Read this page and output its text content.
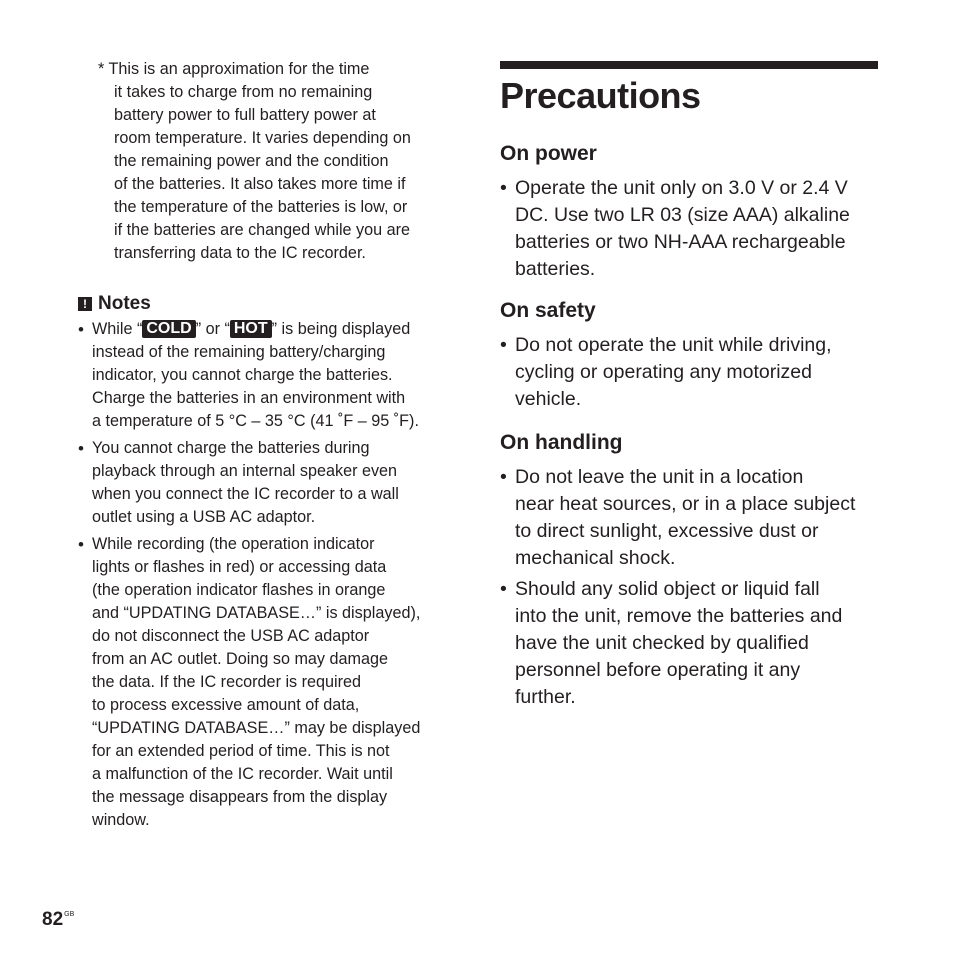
* This is an approximation for the time
it takes to charge from no remaining
battery power to full battery power at
room temperature. It varies depending on
the remaining power and the condition
of the batteries. It also takes more time if
the temperature of the batteries is low, or
if the batteries are changed while you are
transferring data to the IC recorder.

! Notes
• While “ COLD ” or “ HOT ” is being displayed
instead of the remaining battery/charging
indicator, you cannot charge the batteries.
Charge the batteries in an environment with
a temperature of 5 °C – 35 °C (41 ˚F – 95 ˚F).
• You cannot charge the batteries during
playback through an internal speaker even
when you connect the IC recorder to a wall
outlet using a USB AC adaptor.
• While recording (the operation indicator
lights or flashes in red) or accessing data
(the operation indicator flashes in orange
and “UPDATING DATABASE…” is displayed),
do not disconnect the USB AC adaptor
from an AC outlet. Doing so may damage
the data. If the IC recorder is required
to process excessive amount of data,
“UPDATING DATABASE…” may be displayed
for an extended period of time. This is not
a malfunction of the IC recorder. Wait until
the message disappears from the display
window.
Precautions
On power
• Operate the unit only on 3.0 V or 2.4 V
DC. Use two LR 03 (size AAA) alkaline
batteries or two NH-AAA rechargeable
batteries.
On safety
• Do not operate the unit while driving,
cycling or operating any motorized
vehicle.
On handling
• Do not leave the unit in a location
near heat sources, or in a place subject
to direct sunlight, excessive dust or
mechanical shock.
• Should any solid object or liquid fall
into the unit, remove the batteries and
have the unit checked by qualified
personnel before operating it any
further.
$82^{GB}$
